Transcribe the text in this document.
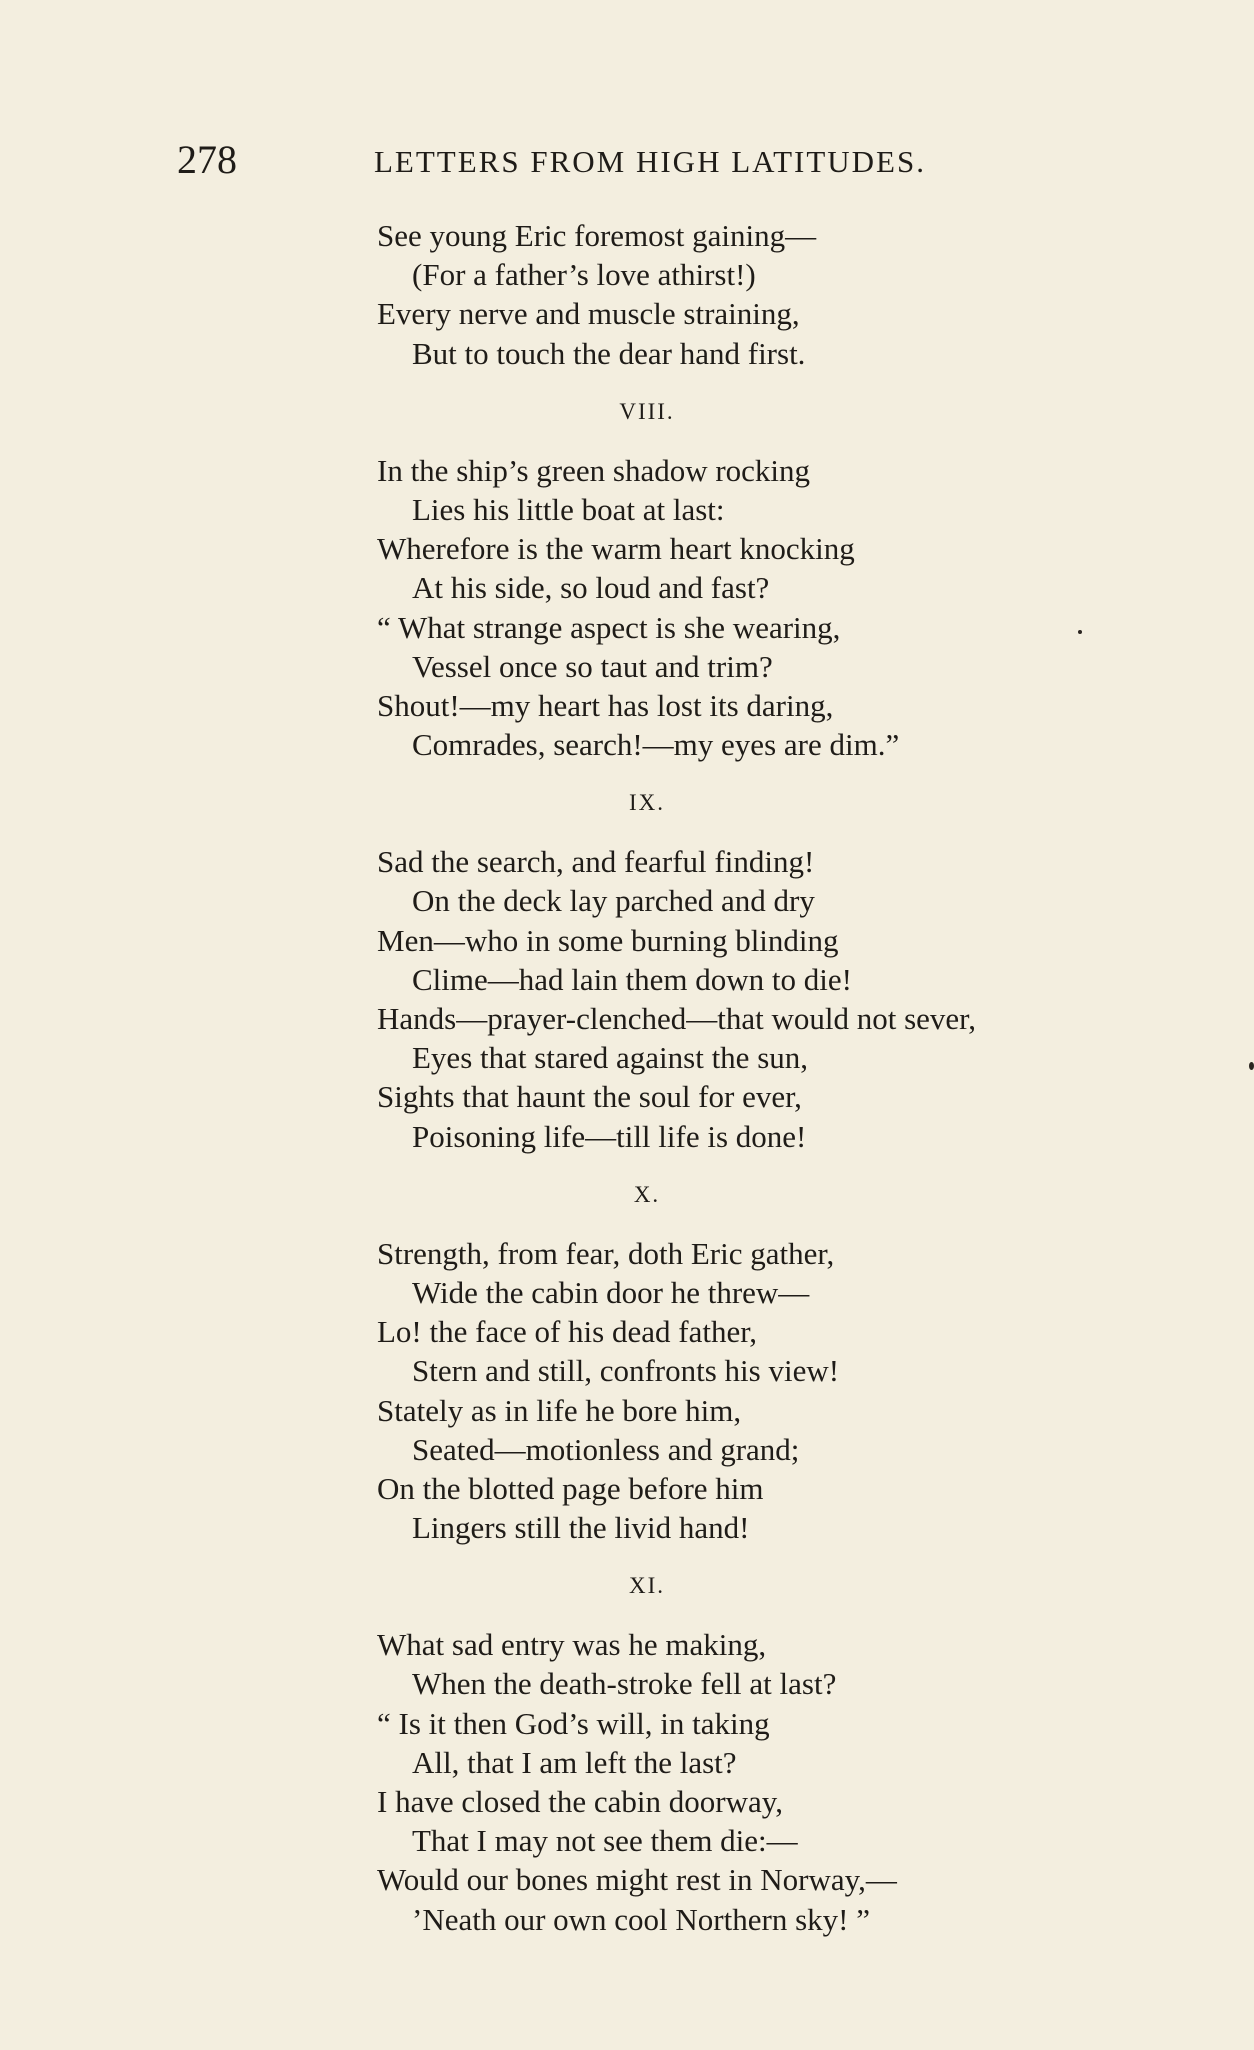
278	LETTERS FROM HIGH LATITUDES.
See young Eric foremost gaining—
(For a father’s love athirst!)
Every nerve and muscle straining,
But to touch the dear hand first.
VIII.
In the ship’s green shadow rocking
Lies his little boat at last:
Wherefore is the warm heart knocking
At his side, so loud and fast?
“ What strange aspect is she wearing,
Vessel once so taut and trim?
Shout!—my heart has lost its daring,
Comrades, search!—my eyes are dim.”
IX.
Sad the search, and fearful finding!
On the deck lay parched and dry
Men—who in some burning blinding
Clime—had lain them down to die!
Hands—prayer-clenched—that would not sever,
Eyes that stared against the sun,
Sights that haunt the soul for ever,
Poisoning life—till life is done!
X.
Strength, from fear, doth Eric gather,
Wide the cabin door he threw—
Lo! the face of his dead father,
Stern and still, confronts his view!
Stately as in life he bore him,
Seated—motionless and grand;
On the blotted page before him
Lingers still the livid hand!
XI.
What sad entry was he making,
When the death-stroke fell at last?
“ Is it then God’s will, in taking
All, that I am left the last?
I have closed the cabin doorway,
That I may not see them die:—
Would our bones might rest in Norway,—
’Neath our own cool Northern sky! ”
